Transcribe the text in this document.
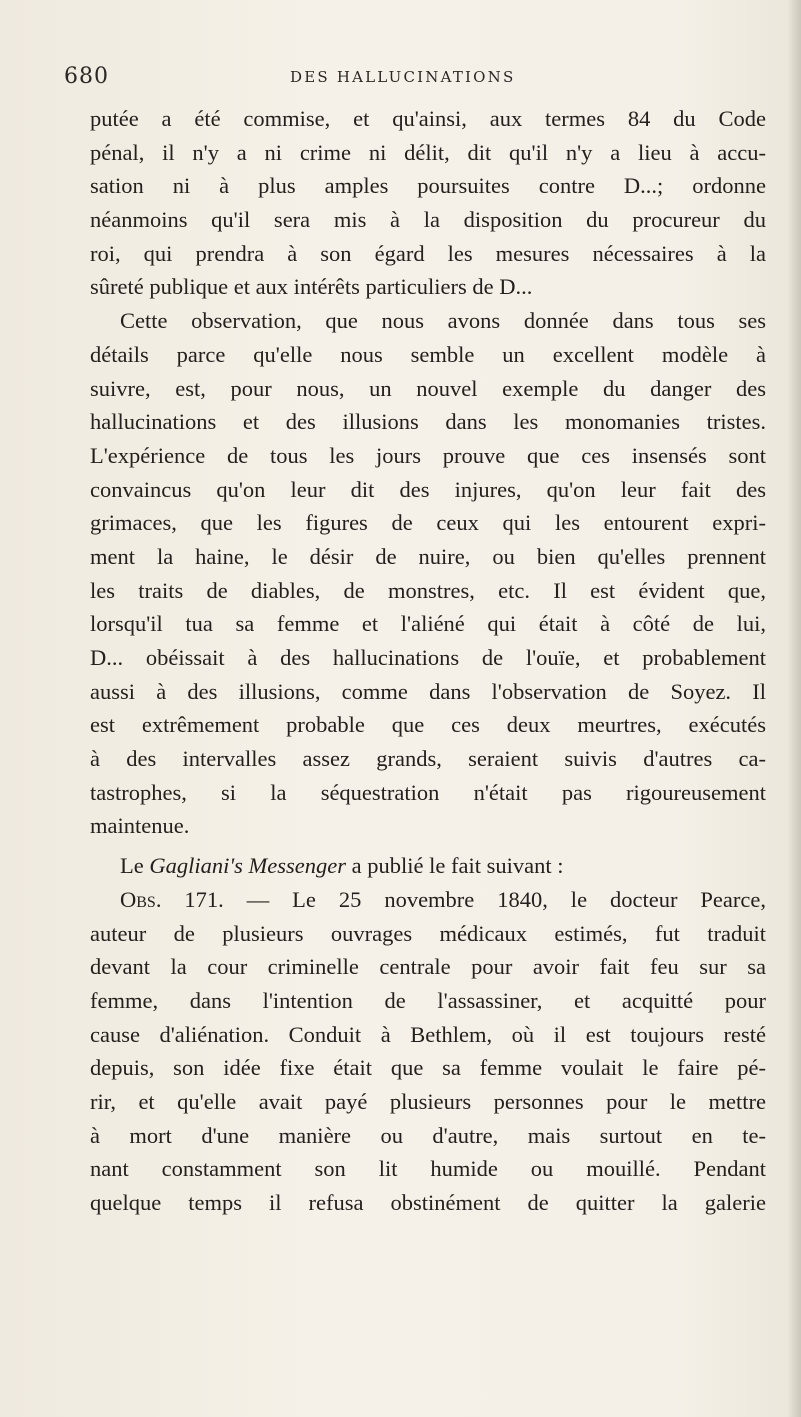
680	DES HALLUCINATIONS
putée a été commise, et qu'ainsi, aux termes 84 du Code
pénal, il n'y a ni crime ni délit, dit qu'il n'y a lieu à accu-
sation ni à plus amples poursuites contre D...; ordonne
néanmoins qu'il sera mis à la disposition du procureur du
roi, qui prendra à son égard les mesures nécessaires à la
sûreté publique et aux intérêts particuliers de D...
Cette observation, que nous avons donnée dans tous ses
détails parce qu'elle nous semble un excellent modèle à
suivre, est, pour nous, un nouvel exemple du danger des
hallucinations et des illusions dans les monomanies tristes.
L'expérience de tous les jours prouve que ces insensés sont
convaincus qu'on leur dit des injures, qu'on leur fait des
grimaces, que les figures de ceux qui les entourent expri-
ment la haine, le désir de nuire, ou bien qu'elles prennent
les traits de diables, de monstres, etc. Il est évident que,
lorsqu'il tua sa femme et l'aliéné qui était à côté de lui,
D... obéissait à des hallucinations de l'ouïe, et probablement
aussi à des illusions, comme dans l'observation de Soyez. Il
est extrêmement probable que ces deux meurtres, exécutés
à des intervalles assez grands, seraient suivis d'autres ca-
tastrophes, si la séquestration n'était pas rigoureusement
maintenue.
Le Gagliani's Messenger a publié le fait suivant :
Obs. 171. — Le 25 novembre 1840, le docteur Pearce,
auteur de plusieurs ouvrages médicaux estimés, fut traduit
devant la cour criminelle centrale pour avoir fait feu sur sa
femme, dans l'intention de l'assassiner, et acquitté pour
cause d'aliénation. Conduit à Bethlem, où il est toujours resté
depuis, son idée fixe était que sa femme voulait le faire pé-
rir, et qu'elle avait payé plusieurs personnes pour le mettre
à mort d'une manière ou d'autre, mais surtout en te-
nant constamment son lit humide ou mouillé. Pendant
quelque temps il refusa obstinément de quitter la galerie
